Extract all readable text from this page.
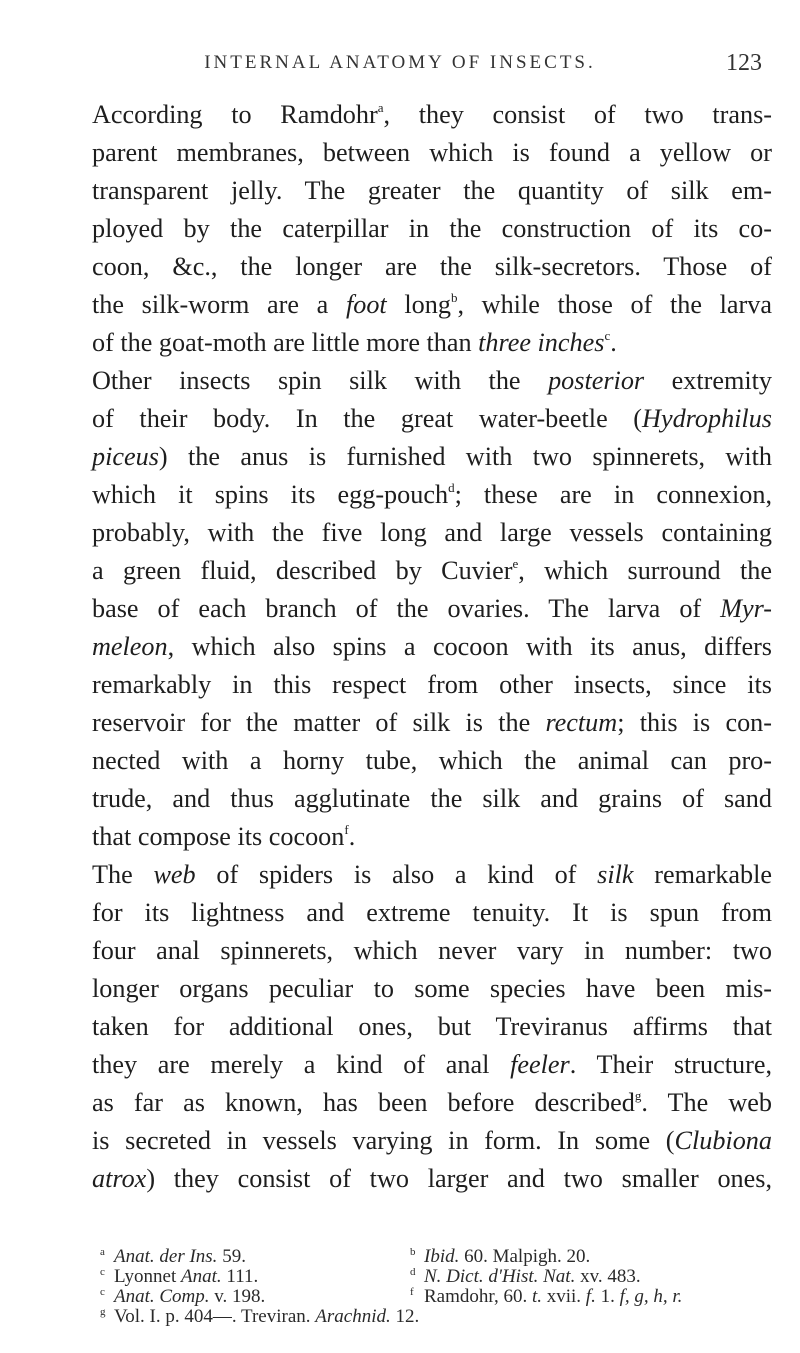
INTERNAL ANATOMY OF INSECTS.	123
According to Ramdohr$^a$, they consist of two trans-
parent membranes, between which is found a yellow or
transparent jelly. The greater the quantity of silk em-
ployed by the caterpillar in the construction of its co-
coon, &c., the longer are the silk-secretors. Those of
the silk-worm are a foot long$^b$, while those of the larva
of the goat-moth are little more than three inches$^c$.
Other insects spin silk with the posterior extremity
of their body. In the great water-beetle (Hydrophilus
piceus) the anus is furnished with two spinnerets, with
which it spins its egg-pouch$^d$; these are in connexion,
probably, with the five long and large vessels containing
a green fluid, described by Cuvier$^e$, which surround the
base of each branch of the ovaries. The larva of Myr-
meleon, which also spins a cocoon with its anus, differs
remarkably in this respect from other insects, since its
reservoir for the matter of silk is the rectum; this is con-
nected with a horny tube, which the animal can pro-
trude, and thus agglutinate the silk and grains of sand
that compose its cocoon$^f$.
The web of spiders is also a kind of silk remarkable
for its lightness and extreme tenuity. It is spun from
four anal spinnerets, which never vary in number: two
longer organs peculiar to some species have been mis-
taken for additional ones, but Treviranus affirms that
they are merely a kind of anal feeler. Their structure,
as far as known, has been before described$^g$. The web
is secreted in vessels varying in form. In some (Clubiona
atrox) they consist of two larger and two smaller ones,
a Anat. der Ins. 59.	b Ibid. 60. Malpigh. 20.
c Lyonnet Anat. 111.	d N. Dict. d'Hist. Nat. xv. 483.
c Anat. Comp. v. 198.	f Ramdohr, 60. t. xvii. f. 1. f, g, h, r.
g Vol. I. p. 404—. Treviran. Arachnid. 12.
